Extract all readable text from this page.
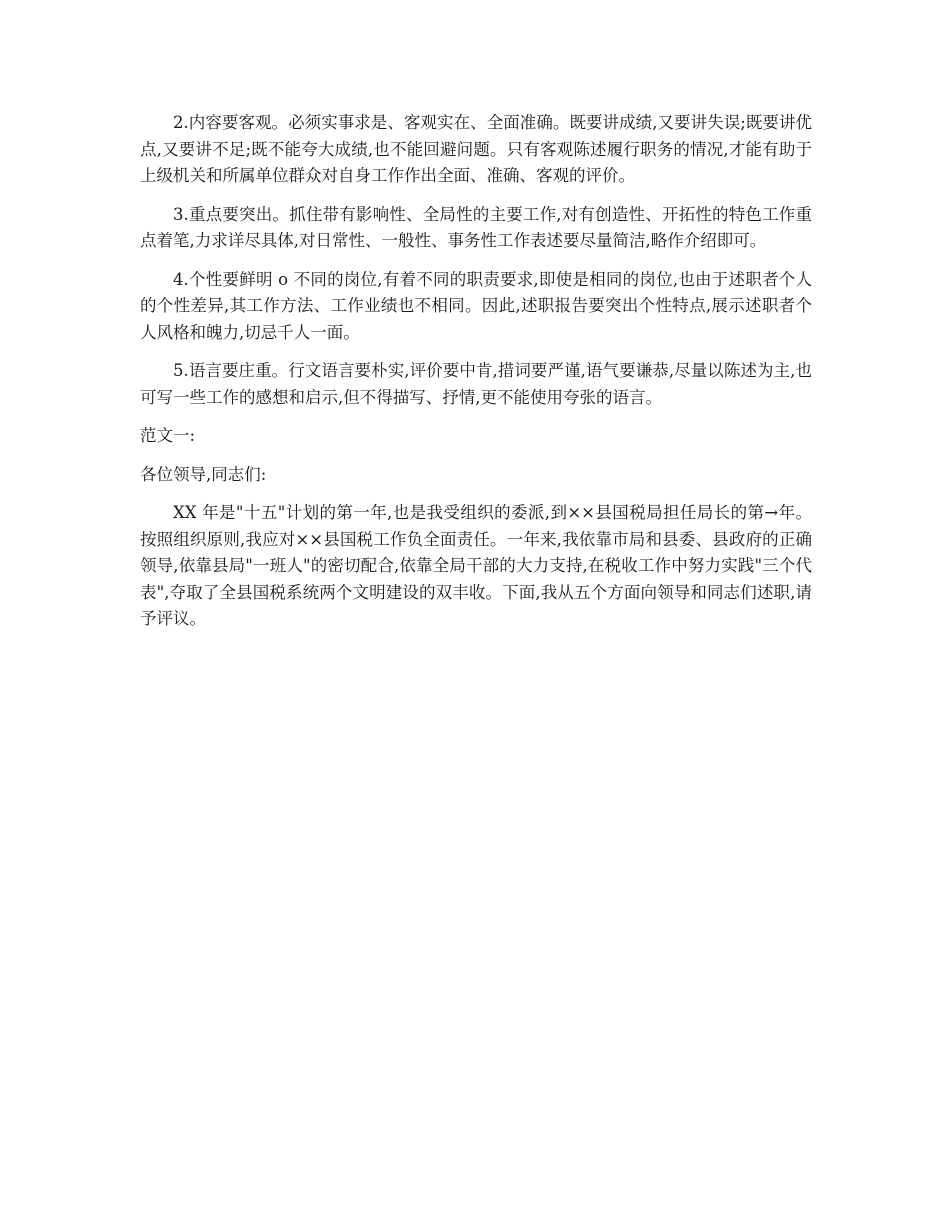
2.内容要客观。必须实事求是、客观实在、全面准确。既要讲成绩,又要讲失误;既要讲优点,又要讲不足;既不能夸大成绩,也不能回避问题。只有客观陈述履行职务的情况,才能有助于上级机关和所属单位群众对自身工作作出全面、准确、客观的评价。

3.重点要突出。抓住带有影响性、全局性的主要工作,对有创造性、开拓性的特色工作重点着笔,力求详尽具体,对日常性、一般性、事务性工作表述要尽量简洁,略作介绍即可。

4.个性要鲜明 o 不同的岗位,有着不同的职责要求,即使是相同的岗位,也由于述职者个人的个性差异,其工作方法、工作业绩也不相同。因此,述职报告要突出个性特点,展示述职者个人风格和魄力,切忌千人一面。

5.语言要庄重。行文语言要朴实,评价要中肯,措词要严谨,语气要谦恭,尽量以陈述为主,也可写一些工作的感想和启示,但不得描写、抒情,更不能使用夸张的语言。

范文一:

各位领导,同志们:

XX 年是"十五"计划的第一年,也是我受组织的委派,到××县国税局担任局长的第→年。按照组织原则,我应对××县国税工作负全面责任。一年来,我依靠市局和县委、县政府的正确领导,依靠县局"一班人"的密切配合,依靠全局干部的大力支持,在税收工作中努力实践"三个代表",夺取了全县国税系统两个文明建设的双丰收。下面,我从五个方面向领导和同志们述职,请予评议。
